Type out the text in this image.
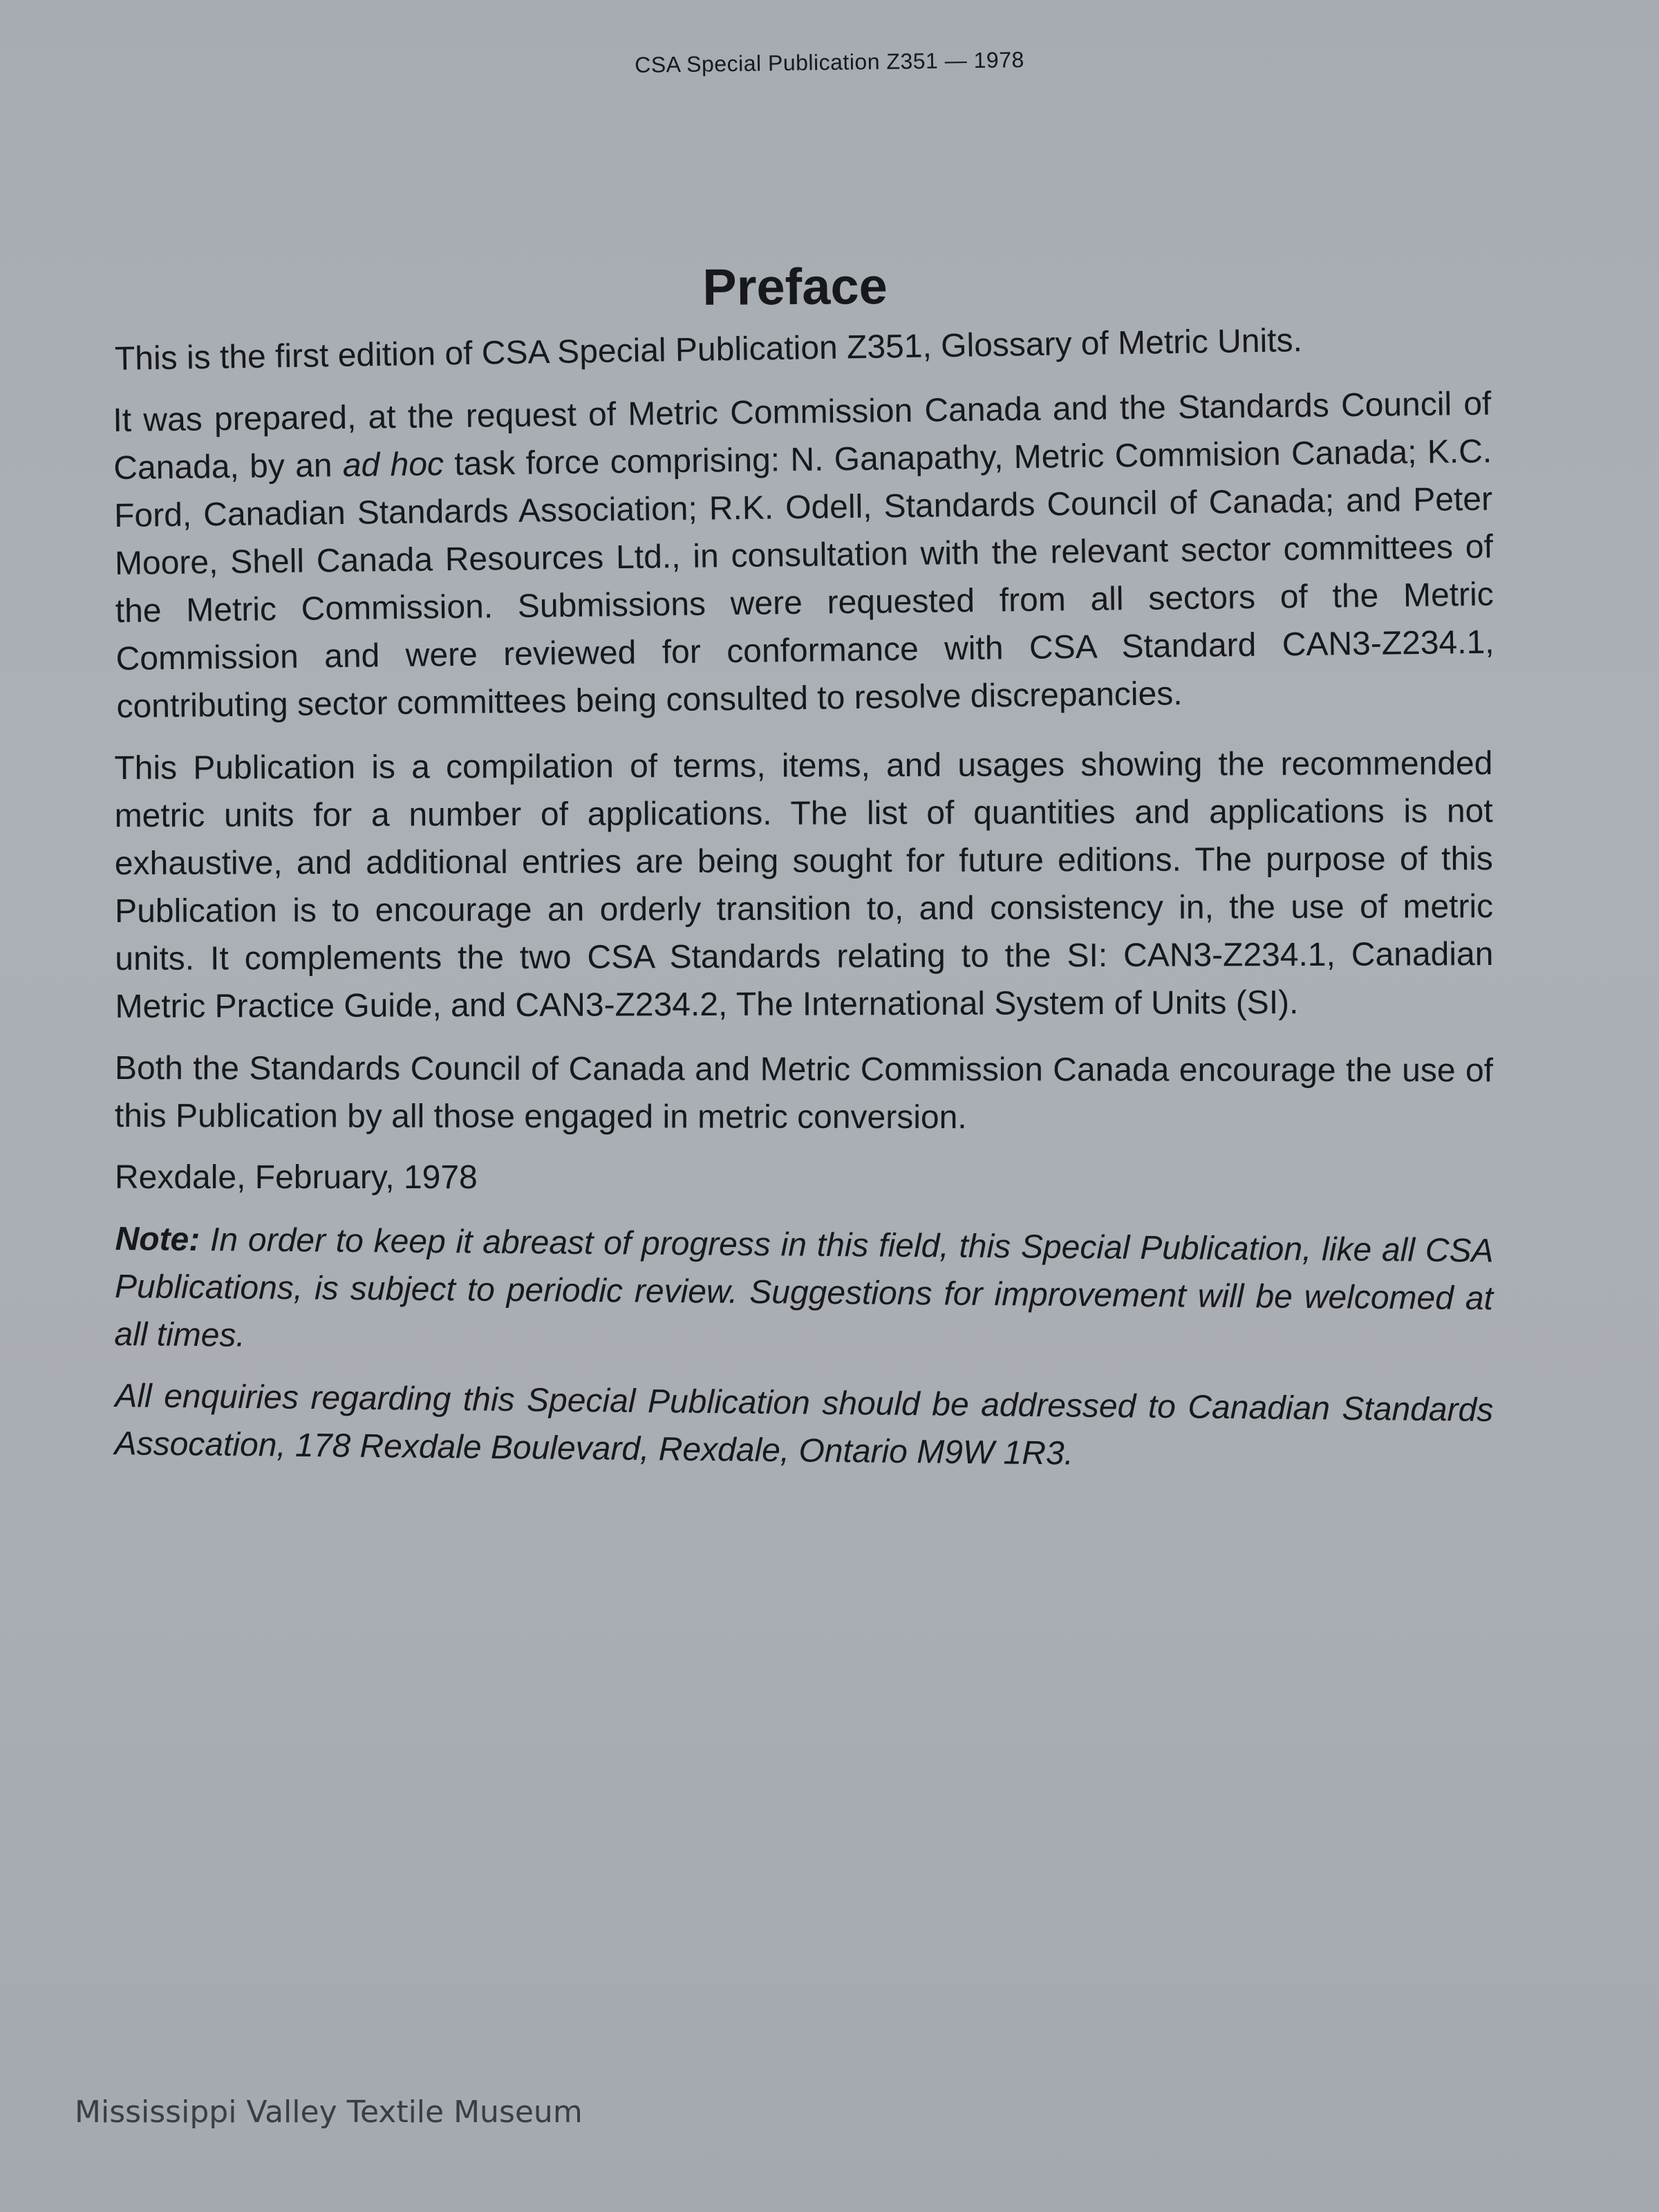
CSA Special Publication Z351 — 1978
Preface

This is the first edition of CSA Special Publication Z351, Glossary of Metric Units.

It was prepared, at the request of Metric Commission Canada and the Standards Council of Canada, by an ad hoc task force comprising: N. Ganapathy, Metric Commision Canada; K.C. Ford, Canadian Standards Association; R.K. Odell, Standards Council of Canada; and Peter Moore, Shell Canada Resources Ltd., in consultation with the relevant sector committees of the Metric Commission. Submissions were requested from all sectors of the Metric Commission and were reviewed for conformance with CSA Standard CAN3-Z234.1, contributing sector committees being consulted to resolve discrepancies.

This Publication is a compilation of terms, items, and usages showing the recommended metric units for a number of applications. The list of quantities and applications is not exhaustive, and additional entries are being sought for future editions. The purpose of this Publication is to encourage an orderly transition to, and consistency in, the use of metric units. It complements the two CSA Standards relating to the SI: CAN3-Z234.1, Canadian Metric Practice Guide, and CAN3-Z234.2, The International System of Units (SI).

Both the Standards Council of Canada and Metric Commission Canada encourage the use of this Publication by all those engaged in metric conversion.

Rexdale, February, 1978

Note: In order to keep it abreast of progress in this field, this Special Publication, like all CSA Publications, is subject to periodic review. Suggestions for improvement will be welcomed at all times.

All enquiries regarding this Special Publication should be addressed to Canadian Standards Assocation, 178 Rexdale Boulevard, Rexdale, Ontario M9W 1R3.

Mississippi Valley Textile Museum
